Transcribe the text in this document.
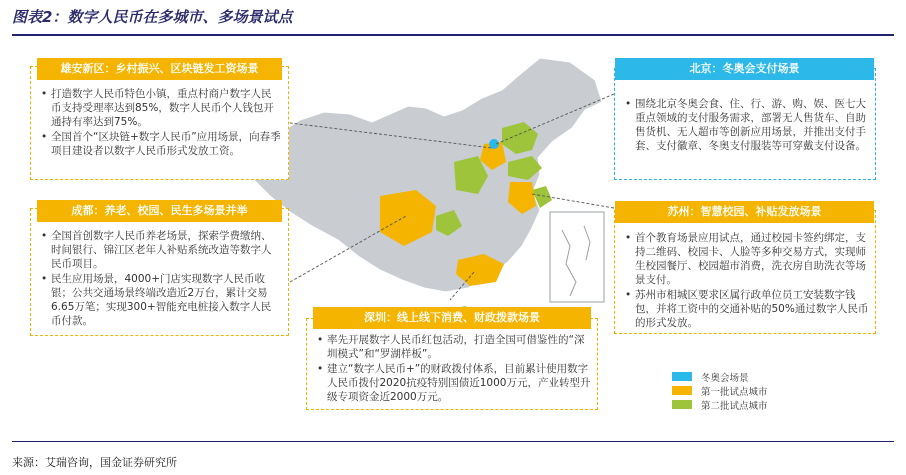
图表2：数字人民币在多城市、多场景试点
雄安新区：乡村振兴、区块链发工资场景
• 打造数字人民币特色小镇，重点村商户数字人民币支持受理率达到85%，数字人民币个人钱包开通持有率达到75%。
• 全国首个“区块链+数字人民币”应用场景，向春季项目建设者以数字人民币形式发放工资。
成都：养老、校园、民生多场景并举
• 全国首创数字人民币养老场景，探索学费缴纳、时间银行、锦江区老年人补贴系统改造等数字人民币项目。
• 民生应用场景，4000+门店实现数字人民币收银；公共交通场景终端改造近2万台，累计交易6.65万笔；实现300+智能充电桩接入数字人民币付款。	深圳：线上线下消费、财政拨款场景
• 率先开展数字人民币红包活动，打造全国可借鉴性的“深圳模式”和“罗湖样板”。
• 建立“数字人民币+”的财政拨付体系，目前累计使用数字人民币拨付2020抗疫特别国债近1000万元，产业转型升级专项资金近2000万元。
北京：冬奥会支付场景
• 围绕北京冬奥会食、住、行、游、购、娱、医七大重点领域的支付服务需求，部署无人售货车、自助售货机、无人超市等创新应用场景，并推出支付手套、支付徽章、冬奥支付服装等可穿戴支付设备。
苏州：智慧校园、补贴发放场景
• 首个教育场景应用试点，通过校园卡签约绑定，支持二维码、校园卡、人脸等多种交易方式，实现师生校园餐厅、校园超市消费，洗衣房自助洗衣等场景支付。
• 苏州市相城区要求区属行政单位员工安装数字钱包，并将工资中的交通补贴的50%通过数字人民币的形式发放。
冬奥会场景
第一批试点城市
第二批试点城市
来源：艾瑞咨询，国金证券研究所
